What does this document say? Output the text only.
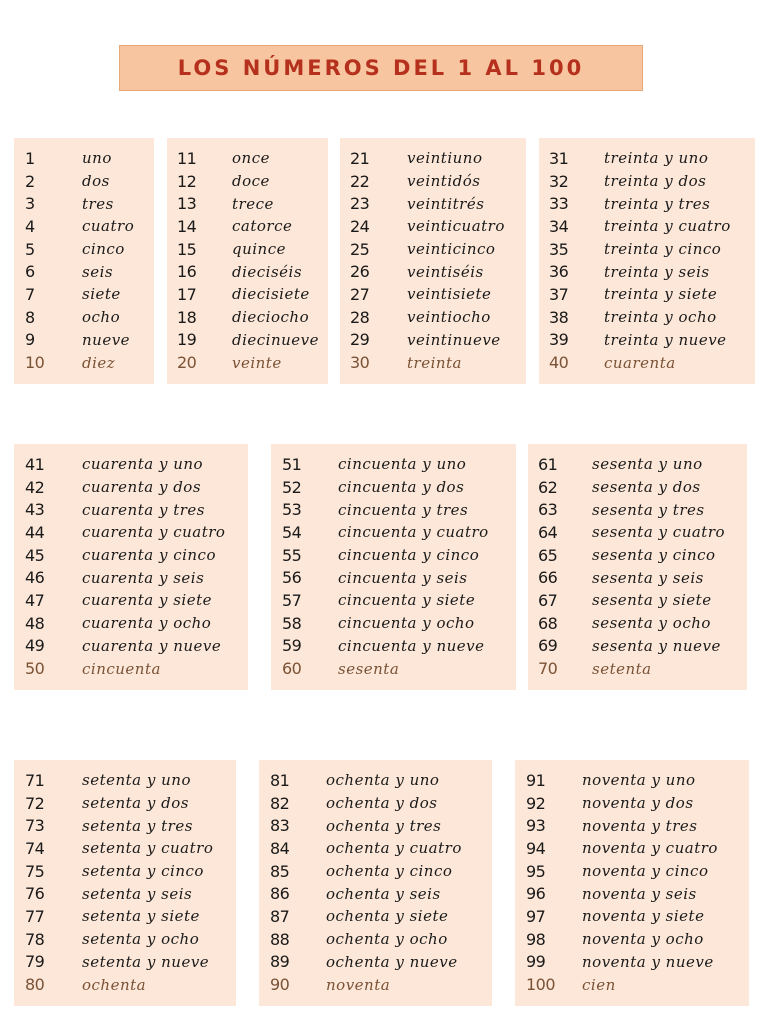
LOS NÚMEROS DEL 1 AL 100
1	uno
2	dos
3	tres
4	cuatro
5	cinco
6	seis
7	siete
8	ocho
9	nueve
10	diez
11	once
12	doce
13	trece
14	catorce
15	quince
16	dieciséis
17	diecisiete
18	dieciocho
19	diecinueve
20	veinte
21	veintiuno
22	veintidós
23	veintitrés
24	veinticuatro
25	veinticinco
26	veintiséis
27	veintisiete
28	veintiocho
29	veintinueve
30	treinta
31	treinta y uno
32	treinta y dos
33	treinta y tres
34	treinta y cuatro
35	treinta y cinco
36	treinta y seis
37	treinta y siete
38	treinta y ocho
39	treinta y nueve
40	cuarenta
41	cuarenta y uno
42	cuarenta y dos
43	cuarenta y tres
44	cuarenta y cuatro
45	cuarenta y cinco
46	cuarenta y seis
47	cuarenta y siete
48	cuarenta y ocho
49	cuarenta y nueve
50	cincuenta
51	cincuenta y uno
52	cincuenta y dos
53	cincuenta y tres
54	cincuenta y cuatro
55	cincuenta y cinco
56	cincuenta y seis
57	cincuenta y siete
58	cincuenta y ocho
59	cincuenta y nueve
60	sesenta
61	sesenta y uno
62	sesenta y dos
63	sesenta y tres
64	sesenta y cuatro
65	sesenta y cinco
66	sesenta y seis
67	sesenta y siete
68	sesenta y ocho
69	sesenta y nueve
70	setenta
71	setenta y uno
72	setenta y dos
73	setenta y tres
74	setenta y cuatro
75	setenta y cinco
76	setenta y seis
77	setenta y siete
78	setenta y ocho
79	setenta y nueve
80	ochenta
81	ochenta y uno
82	ochenta y dos
83	ochenta y tres
84	ochenta y cuatro
85	ochenta y cinco
86	ochenta y seis
87	ochenta y siete
88	ochenta y ocho
89	ochenta y nueve
90	noventa
91	noventa y uno
92	noventa y dos
93	noventa y tres
94	noventa y cuatro
95	noventa y cinco
96	noventa y seis
97	noventa y siete
98	noventa y ocho
99	noventa y nueve
100	cien
